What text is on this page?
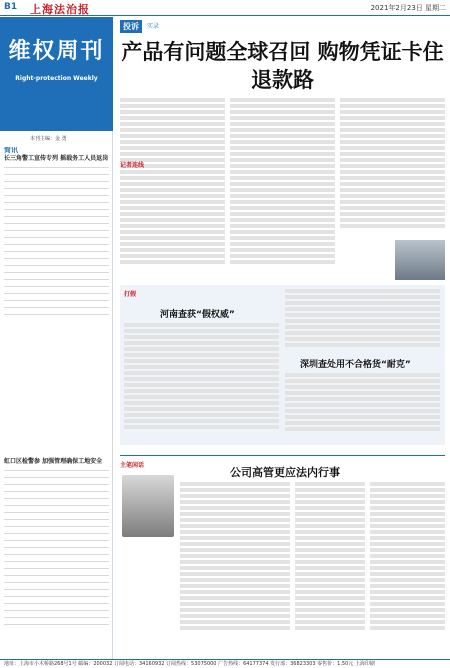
B1 上海法治报	2021年2月23日 星期二
维权周刊
Right-protection Weekly
本刊主编：金 勇
简讯
长三角警工宣传专列 摇载务工人员返岗
虹口区检警参 加强管理确保工地安全
投诉	实录
产品有问题全球召回 购物凭证卡住退款路
记者连线
打假
河南查获“假权威”
深圳查处用不合格货“耐克”
主笔闲话
公司高管更应法内行事
地址：上海市小木桥路268号1号 邮编：200032 订阅电话：34160932 订阅热线：53075000 广告热线：64177374 发行部：36823303 零售价：1.50元 上海印刷
